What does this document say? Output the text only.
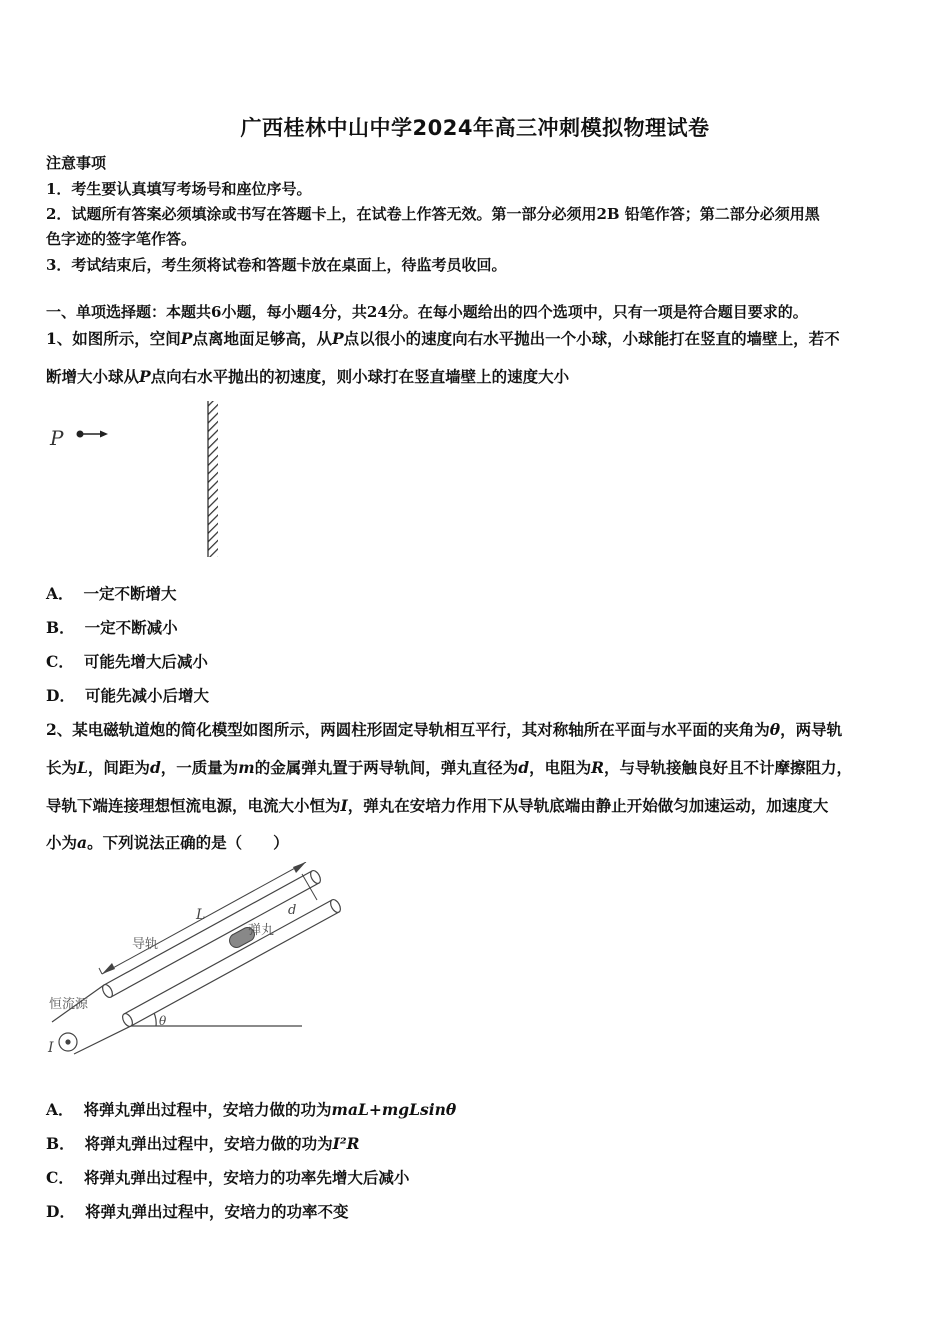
广西桂林中山中学2024年高三冲刺模拟物理试卷
注意事项
1．考生要认真填写考场号和座位序号。
2．试题所有答案必须填涂或书写在答题卡上，在试卷上作答无效。第一部分必须用2B 铅笔作答；第二部分必须用黑
色字迹的签字笔作答。
3．考试结束后，考生须将试卷和答题卡放在桌面上，待监考员收回。
一、单项选择题：本题共6小题，每小题4分，共24分。在每小题给出的四个选项中，只有一项是符合题目要求的。
1、如图所示，空间P点离地面足够高，从P点以很小的速度向右水平抛出一个小球，小球能打在竖直的墙壁上，若不
断增大小球从P点向右水平抛出的初速度，则小球打在竖直墙壁上的速度大小
P
A． 一定不断增大
B． 一定不断减小
C． 可能先增大后减小
D． 可能先减小后增大
2、某电磁轨道炮的简化模型如图所示，两圆柱形固定导轨相互平行，其对称轴所在平面与水平面的夹角为θ，两导轨
长为L，间距为d，一质量为m的金属弹丸置于两导轨间，弹丸直径为d，电阻为R，与导轨接触良好且不计摩擦阻力，
导轨下端连接理想恒流电源，电流大小恒为I，弹丸在安培力作用下从导轨底端由静止开始做匀加速运动，加速度大
小为a。下列说法正确的是（　　）
L	d
导轨
弹丸
恒流源
θ
I
A． 将弹丸弹出过程中，安培力做的功为maL+mgLsinθ
B． 将弹丸弹出过程中，安培力做的功为I²R
C． 将弹丸弹出过程中，安培力的功率先增大后减小
D． 将弹丸弹出过程中，安培力的功率不变
